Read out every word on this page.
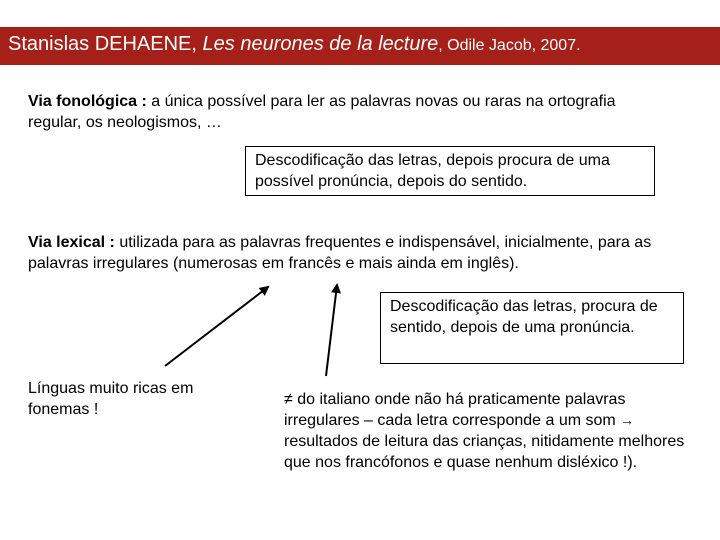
Stanislas DEHAENE, Les neurones de la lecture, Odile Jacob, 2007.
Via fonológica : a única possível para ler as palavras novas ou raras na ortografia regular, os neologismos, …
Descodificação das letras, depois procura de uma possível pronúncia, depois do sentido.
Via lexical : utilizada para as palavras frequentes e indispensável, inicialmente, para as palavras irregulares (numerosas em francês e mais ainda em inglês).
Descodificação das letras, procura de sentido, depois de uma pronúncia.
Línguas muito ricas em fonemas !
≠ do italiano onde não há praticamente palavras irregulares – cada letra corresponde a um som → resultados de leitura das crianças, nitidamente melhores que nos francófonos e quase nenhum disléxico !).
